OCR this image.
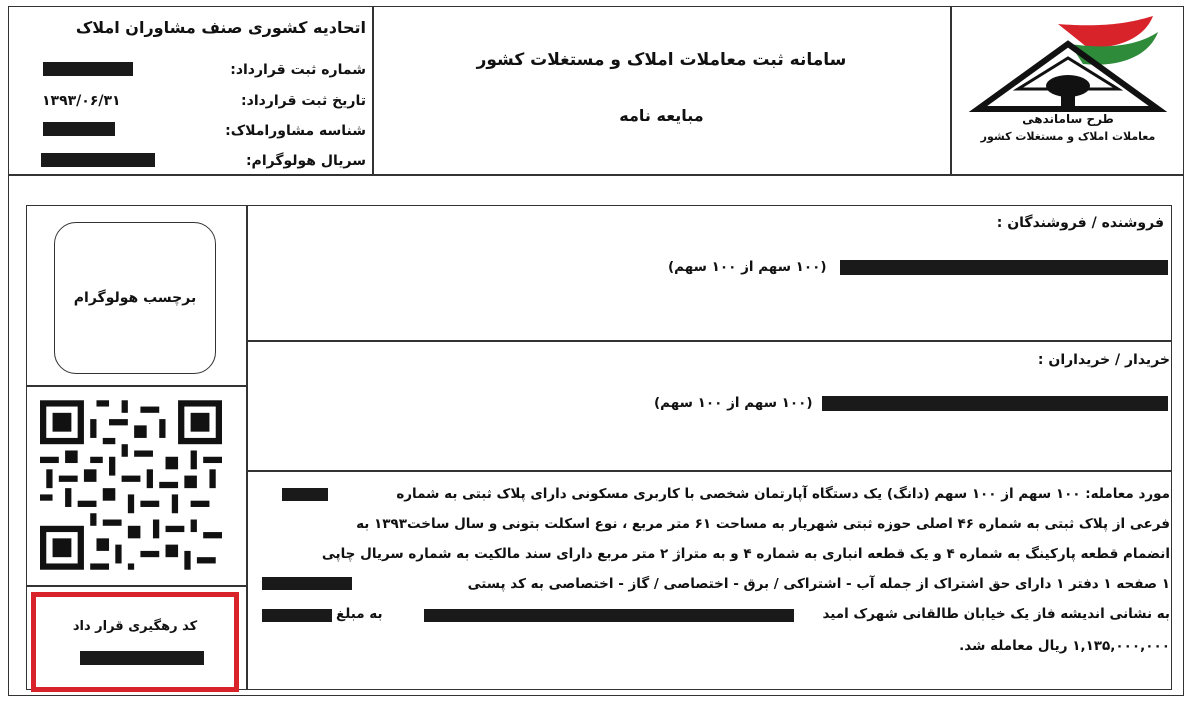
اتحادیه کشوری صنف مشاوران املاک
شماره ثبت قرارداد:
تاریخ ثبت قرارداد:
۱۳۹۳/۰۶/۳۱
شناسه مشاوراملاک:
سریال هولوگرام:
سامانه ثبت معاملات املاک و مستغلات کشور
مبایعه نامه	طرح ساماندهی
معاملات املاک و مستغلات کشور
برچسب هولوگرام
کد رهگیری قرار داد
فروشنده / فروشندگان :
(۱۰۰ سهم از ۱۰۰ سهم)
خریدار / خریداران :
(۱۰۰ سهم از ۱۰۰ سهم)
مورد معامله: ۱۰۰ سهم از ۱۰۰ سهم (دانگ) یک دستگاه آپارتمان شخصی با کاربری مسکونی دارای پلاک ثبتی به شماره
فرعی از پلاک ثبتی به شماره ۴۶ اصلی حوزه ثبتی شهریار به مساحت ۶۱ متر مربع ، نوع اسکلت بتونی و سال ساخت۱۳۹۳ به
انضمام قطعه پارکینگ به شماره ۴ و یک قطعه انباری به شماره ۴ و به متراژ ۲ متر مربع دارای سند مالکیت به شماره سریال چاپی
۱ صفحه ۱ دفتر ۱ دارای حق اشتراک از جمله آب - اشتراکی / برق - اختصاصی / گاز - اختصاصی به کد پستی
به نشانی اندیشه فاز یک خیابان طالقانی شهرک امید
به مبلغ
۱,۱۳۵,۰۰۰,۰۰۰ ریال معامله شد.
